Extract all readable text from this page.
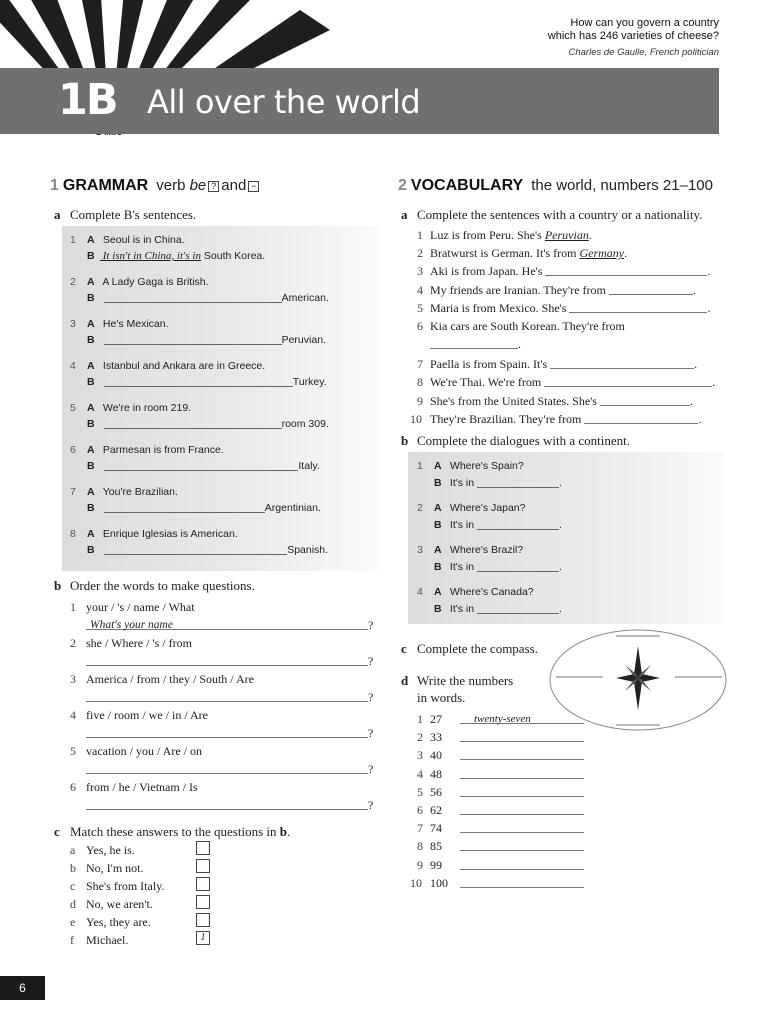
How can you govern a country
which has 246 varieties of cheese?
Charles de Gaulle, French politician
1B All over the world
1 GRAMMAR verb be ? and −
a Complete B's sentences.
1 A Seoul is in China.
B It isn't in China, it's in South Korea.
2 A A Lady Gaga is British.
B	American.
3 A He's Mexican.
B	Peruvian.
4 A Istanbul and Ankara are in Greece.
B	Turkey.
5 A We're in room 219.
B	room 309.
6 A Parmesan is from France.
B	Italy.
7 A You're Brazilian.
B	Argentinian.
8 A Enrique Iglesias is American.
B	Spanish.
b Order the words to make questions.
1 your / 's / name / What
What's your name	?
2 she / Where / 's / from
?
3 America / from / they / South / Are
?
4 five / room / we / in / Are
?
5 vacation / you / Are / on
?
6 from / he / Vietnam / Is
?
c Match these answers to the questions in b.
a Yes, he is.
b No, I'm not.
c She's from Italy.
d No, we aren't.
e Yes, they are.
f Michael.	1
2 VOCABULARY the world, numbers 21–100
a Complete the sentences with a country or a nationality.
1 Luz is from Peru. She's Peruvian.
2 Bratwurst is German. It's from Germany.
3 Aki is from Japan. He's	.
4 My friends are Iranian. They're from	.
5 Maria is from Mexico. She's	.
6 Kia cars are South Korean. They're from
.
7 Paella is from Spain. It's	.
8 We're Thai. We're from	.
9 She's from the United States. She's	.
10 They're Brazilian. They're from	.
b Complete the dialogues with a continent.
1 A Where's Spain?
B It's in	.
2 A Where's Japan?
B It's in	.
3 A Where's Brazil?
B It's in	.
4 A Where's Canada?
B It's in	.
c Complete the compass.
d Write the numbers
in words.
1 27	twenty-seven
2 33
3 40
4 48
5 56
6 62
7 74
8 85
9 99
10 100
6
